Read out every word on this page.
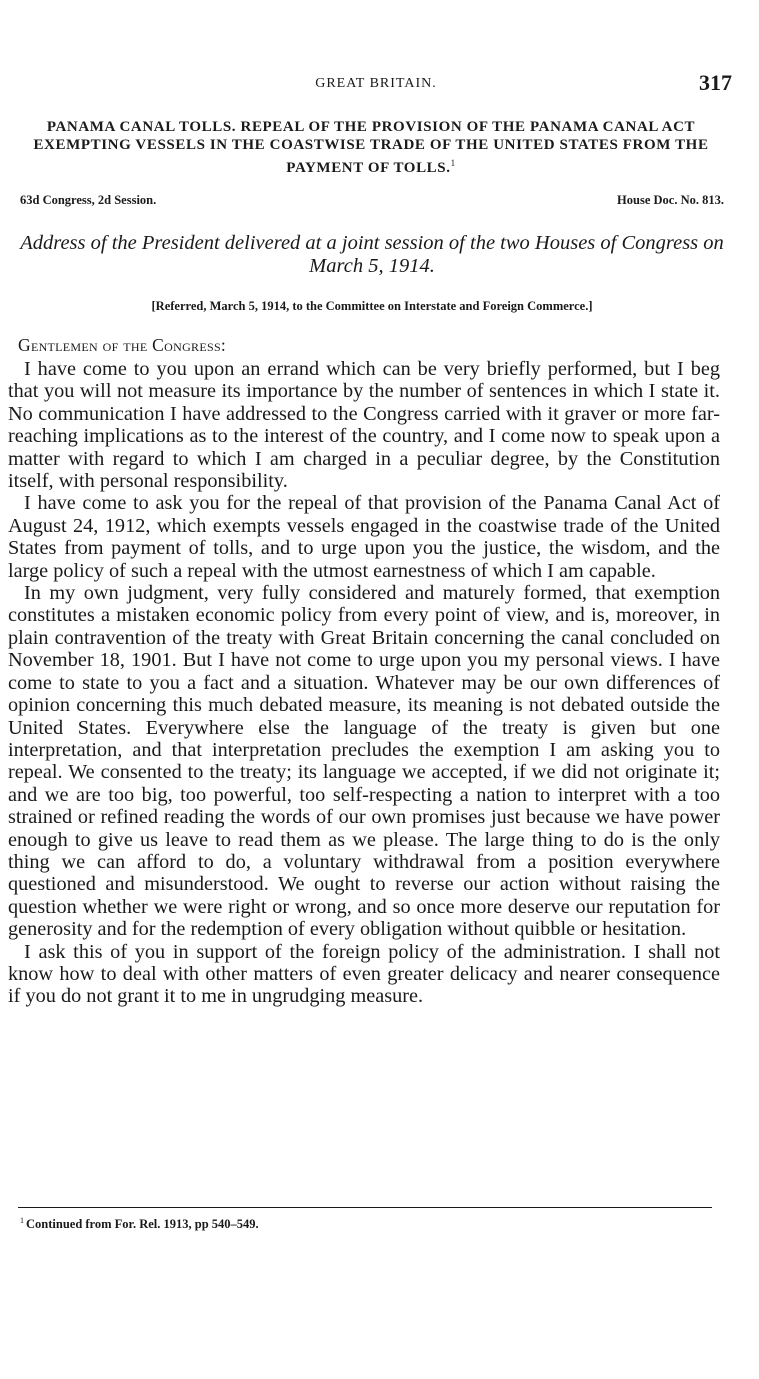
GREAT BRITAIN.	317
PANAMA CANAL TOLLS. REPEAL OF THE PROVISION OF THE PANAMA CANAL ACT EXEMPTING VESSELS IN THE COASTWISE TRADE OF THE UNITED STATES FROM THE PAYMENT OF TOLLS.$^1$
63d Congress, 2d Session.	House Doc. No. 813.
Address of the President delivered at a joint session of the two Houses of Congress on March 5, 1914.
[Referred, March 5, 1914, to the Committee on Interstate and Foreign Commerce.]
Gentlemen of the Congress:

I have come to you upon an errand which can be very briefly performed, but I beg that you will not measure its importance by the number of sentences in which I state it. No communication I have addressed to the Congress carried with it graver or more far-reaching implications as to the interest of the country, and I come now to speak upon a matter with regard to which I am charged in a peculiar degree, by the Constitution itself, with personal responsibility.

I have come to ask you for the repeal of that provision of the Panama Canal Act of August 24, 1912, which exempts vessels engaged in the coastwise trade of the United States from payment of tolls, and to urge upon you the justice, the wisdom, and the large policy of such a repeal with the utmost earnestness of which I am capable.

In my own judgment, very fully considered and maturely formed, that exemption constitutes a mistaken economic policy from every point of view, and is, moreover, in plain contravention of the treaty with Great Britain concerning the canal concluded on November 18, 1901. But I have not come to urge upon you my personal views. I have come to state to you a fact and a situation. Whatever may be our own differences of opinion concerning this much debated measure, its meaning is not debated outside the United States. Everywhere else the language of the treaty is given but one interpretation, and that interpretation precludes the exemption I am asking you to repeal. We consented to the treaty; its language we accepted, if we did not originate it; and we are too big, too powerful, too self-respecting a nation to interpret with a too strained or refined reading the words of our own promises just because we have power enough to give us leave to read them as we please. The large thing to do is the only thing we can afford to do, a voluntary withdrawal from a position everywhere questioned and misunderstood. We ought to reverse our action without raising the question whether we were right or wrong, and so once more deserve our reputation for generosity and for the redemption of every obligation without quibble or hesitation.

I ask this of you in support of the foreign policy of the administration. I shall not know how to deal with other matters of even greater delicacy and nearer consequence if you do not grant it to me in ungrudging measure.

$^1$ Continued from For. Rel. 1913, pp 540–549.
